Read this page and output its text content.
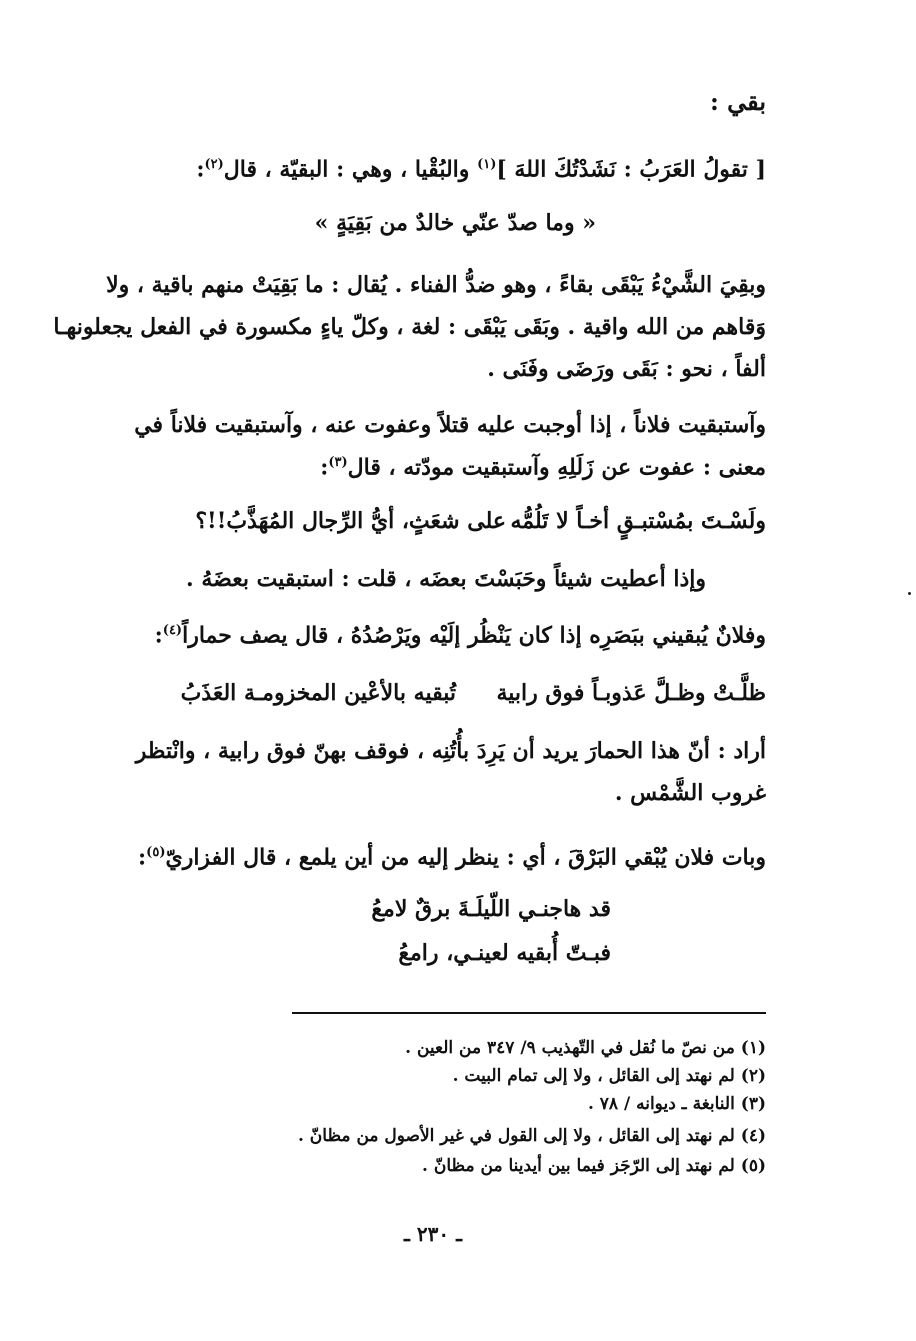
بقي :
[ تقولُ العَرَبُ : نَشَدْتُكَ اللهَ ]$^{(١)}$ والبُقْيا ، وهي : البقيّة ، قال$^{(٢)}$:
« وما صدّ عنّي خالدٌ من بَقِيَةٍ »
وبقِيَ الشَّيْءُ يَبْقَى بقاءً ، وهو ضدُّ الفناء . يُقال : ما بَقِيَتْ منهم باقية ، ولا
وَقاهم من الله واقية . وبَقَى يَبْقَى : لغة ، وكلّ ياءٍ مكسورة في الفعل يجعلونهـا
ألفاً ، نحو : بَقَى ورَضَى وفَنَى .
وآستبقيت فلاناً ، إذا أوجبت عليه قتلاً وعفوت عنه ، وآستبقيت فلاناً في
معنى : عفوت عن زَلَلِهِ وآستبقيت مودّته ، قال$^{(٣)}$:
ولَسْـتَ بمُسْتبـقٍ أخـاً لا تَلُمُّهعلى شعَثٍ، أيُّ الرِّجال المُهَذَّبُ!!؟
وإذا أعطيت شيئاً وحَبَسْتَ بعضَه ، قلت : استبقيت بعضَهُ .
وفلانٌ يُبقيني ببَصَرِه إذا كان يَنْظُر إلَيْه ويَرْصُدُهُ ، قال يصف حماراً$^{(٤)}$:
ظلَّـتْ وظـلَّ عَذوبـاً فوق رابيةتُبقيه بالأعْين المخزومـة العَذَبُ
أراد : أنّ هذا الحمارَ يريد أن يَرِدَ بأُتُنِه ، فوقف بهنّ فوق رابية ، وانْتظر
غروب الشَّمْس .
وبات فلان يُبْقي البَرْقَ ، أي : ينظر إليه من أين يلمع ، قال الفزاريّ$^{(٥)}$:
قد هاجنـي اللّيلَـةَ برقٌ لامعُ
فبـتّ أُبقيه لعينـي، رامعُ
(١) من نصّ ما نُقل في التّهذيب ٩/ ٣٤٧ من العين .
(٢) لم نهتد إلى القائل ، ولا إلى تمام البيت .
(٣) النابغة ـ ديوانه / ٧٨ .
(٤) لم نهتد إلى القائل ، ولا إلى القول في غير الأصول من مظانّ .
(٥) لم نهتد إلى الرّجَز فيما بين أيدينا من مظانّ .
ـ ٢٣٠ ـ
